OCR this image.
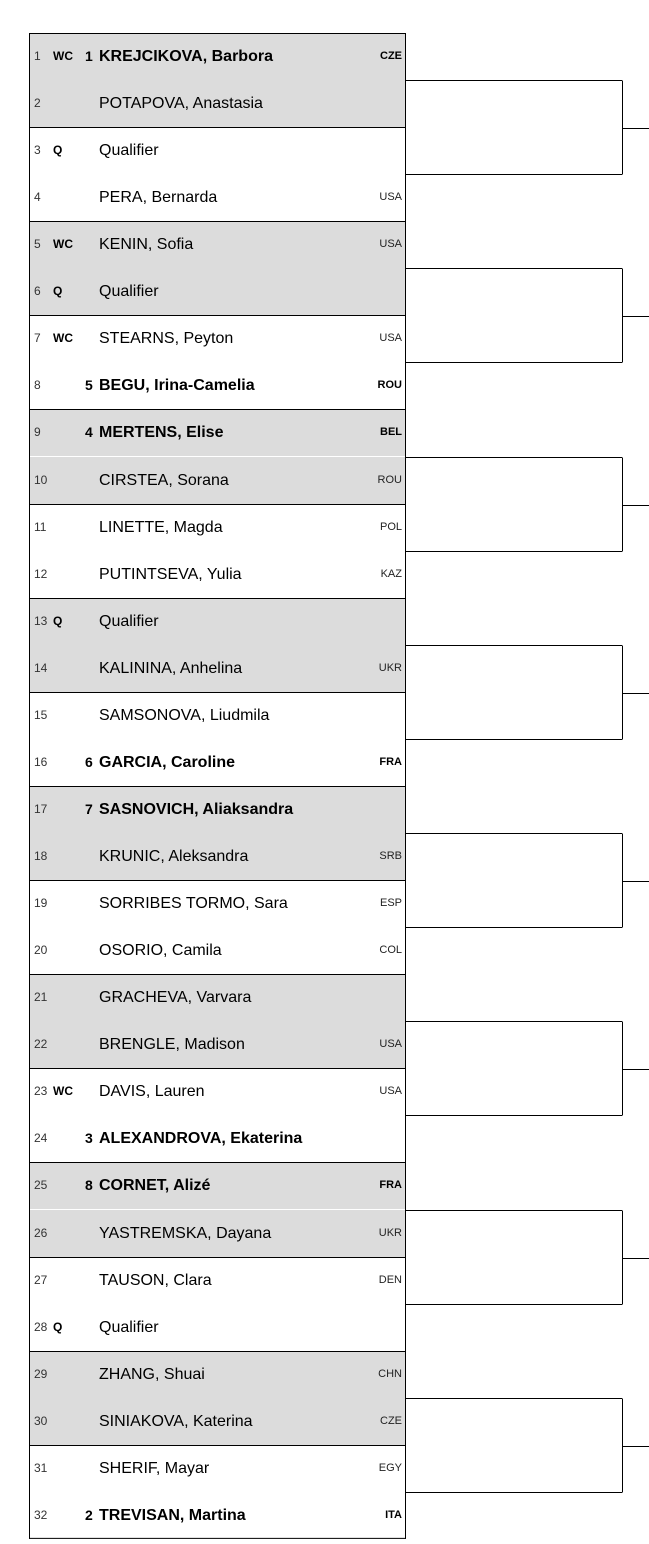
1 WC 1 KREJCIKOVA, Barbora	CZE
2	POTAPOVA, Anastasia
3 Q Qualifier
4	PERA, Bernarda	USA
5 WC KENIN, Sofia	USA
6 Q Qualifier
7 WC STEARNS, Peyton	USA
8	5 BEGU, Irina-Camelia	ROU
9	4 MERTENS, Elise	BEL
10	CIRSTEA, Sorana	ROU
11	LINETTE, Magda	POL
12	PUTINTSEVA, Yulia	KAZ
13 Q Qualifier
14	KALININA, Anhelina	UKR
15	SAMSONOVA, Liudmila
16	6 GARCIA, Caroline	FRA
17	7 SASNOVICH, Aliaksandra
18	KRUNIC, Aleksandra	SRB
19	SORRIBES TORMO, Sara	ESP
20	OSORIO, Camila	COL
21	GRACHEVA, Varvara
22	BRENGLE, Madison	USA
23 WC DAVIS, Lauren	USA
24	3 ALEXANDROVA, Ekaterina
25	8 CORNET, Alizé	FRA
26	YASTREMSKA, Dayana	UKR
27	TAUSON, Clara	DEN
28 Q Qualifier
29	ZHANG, Shuai	CHN
30	SINIAKOVA, Katerina	CZE
31	SHERIF, Mayar	EGY
32	2 TREVISAN, Martina	ITA
